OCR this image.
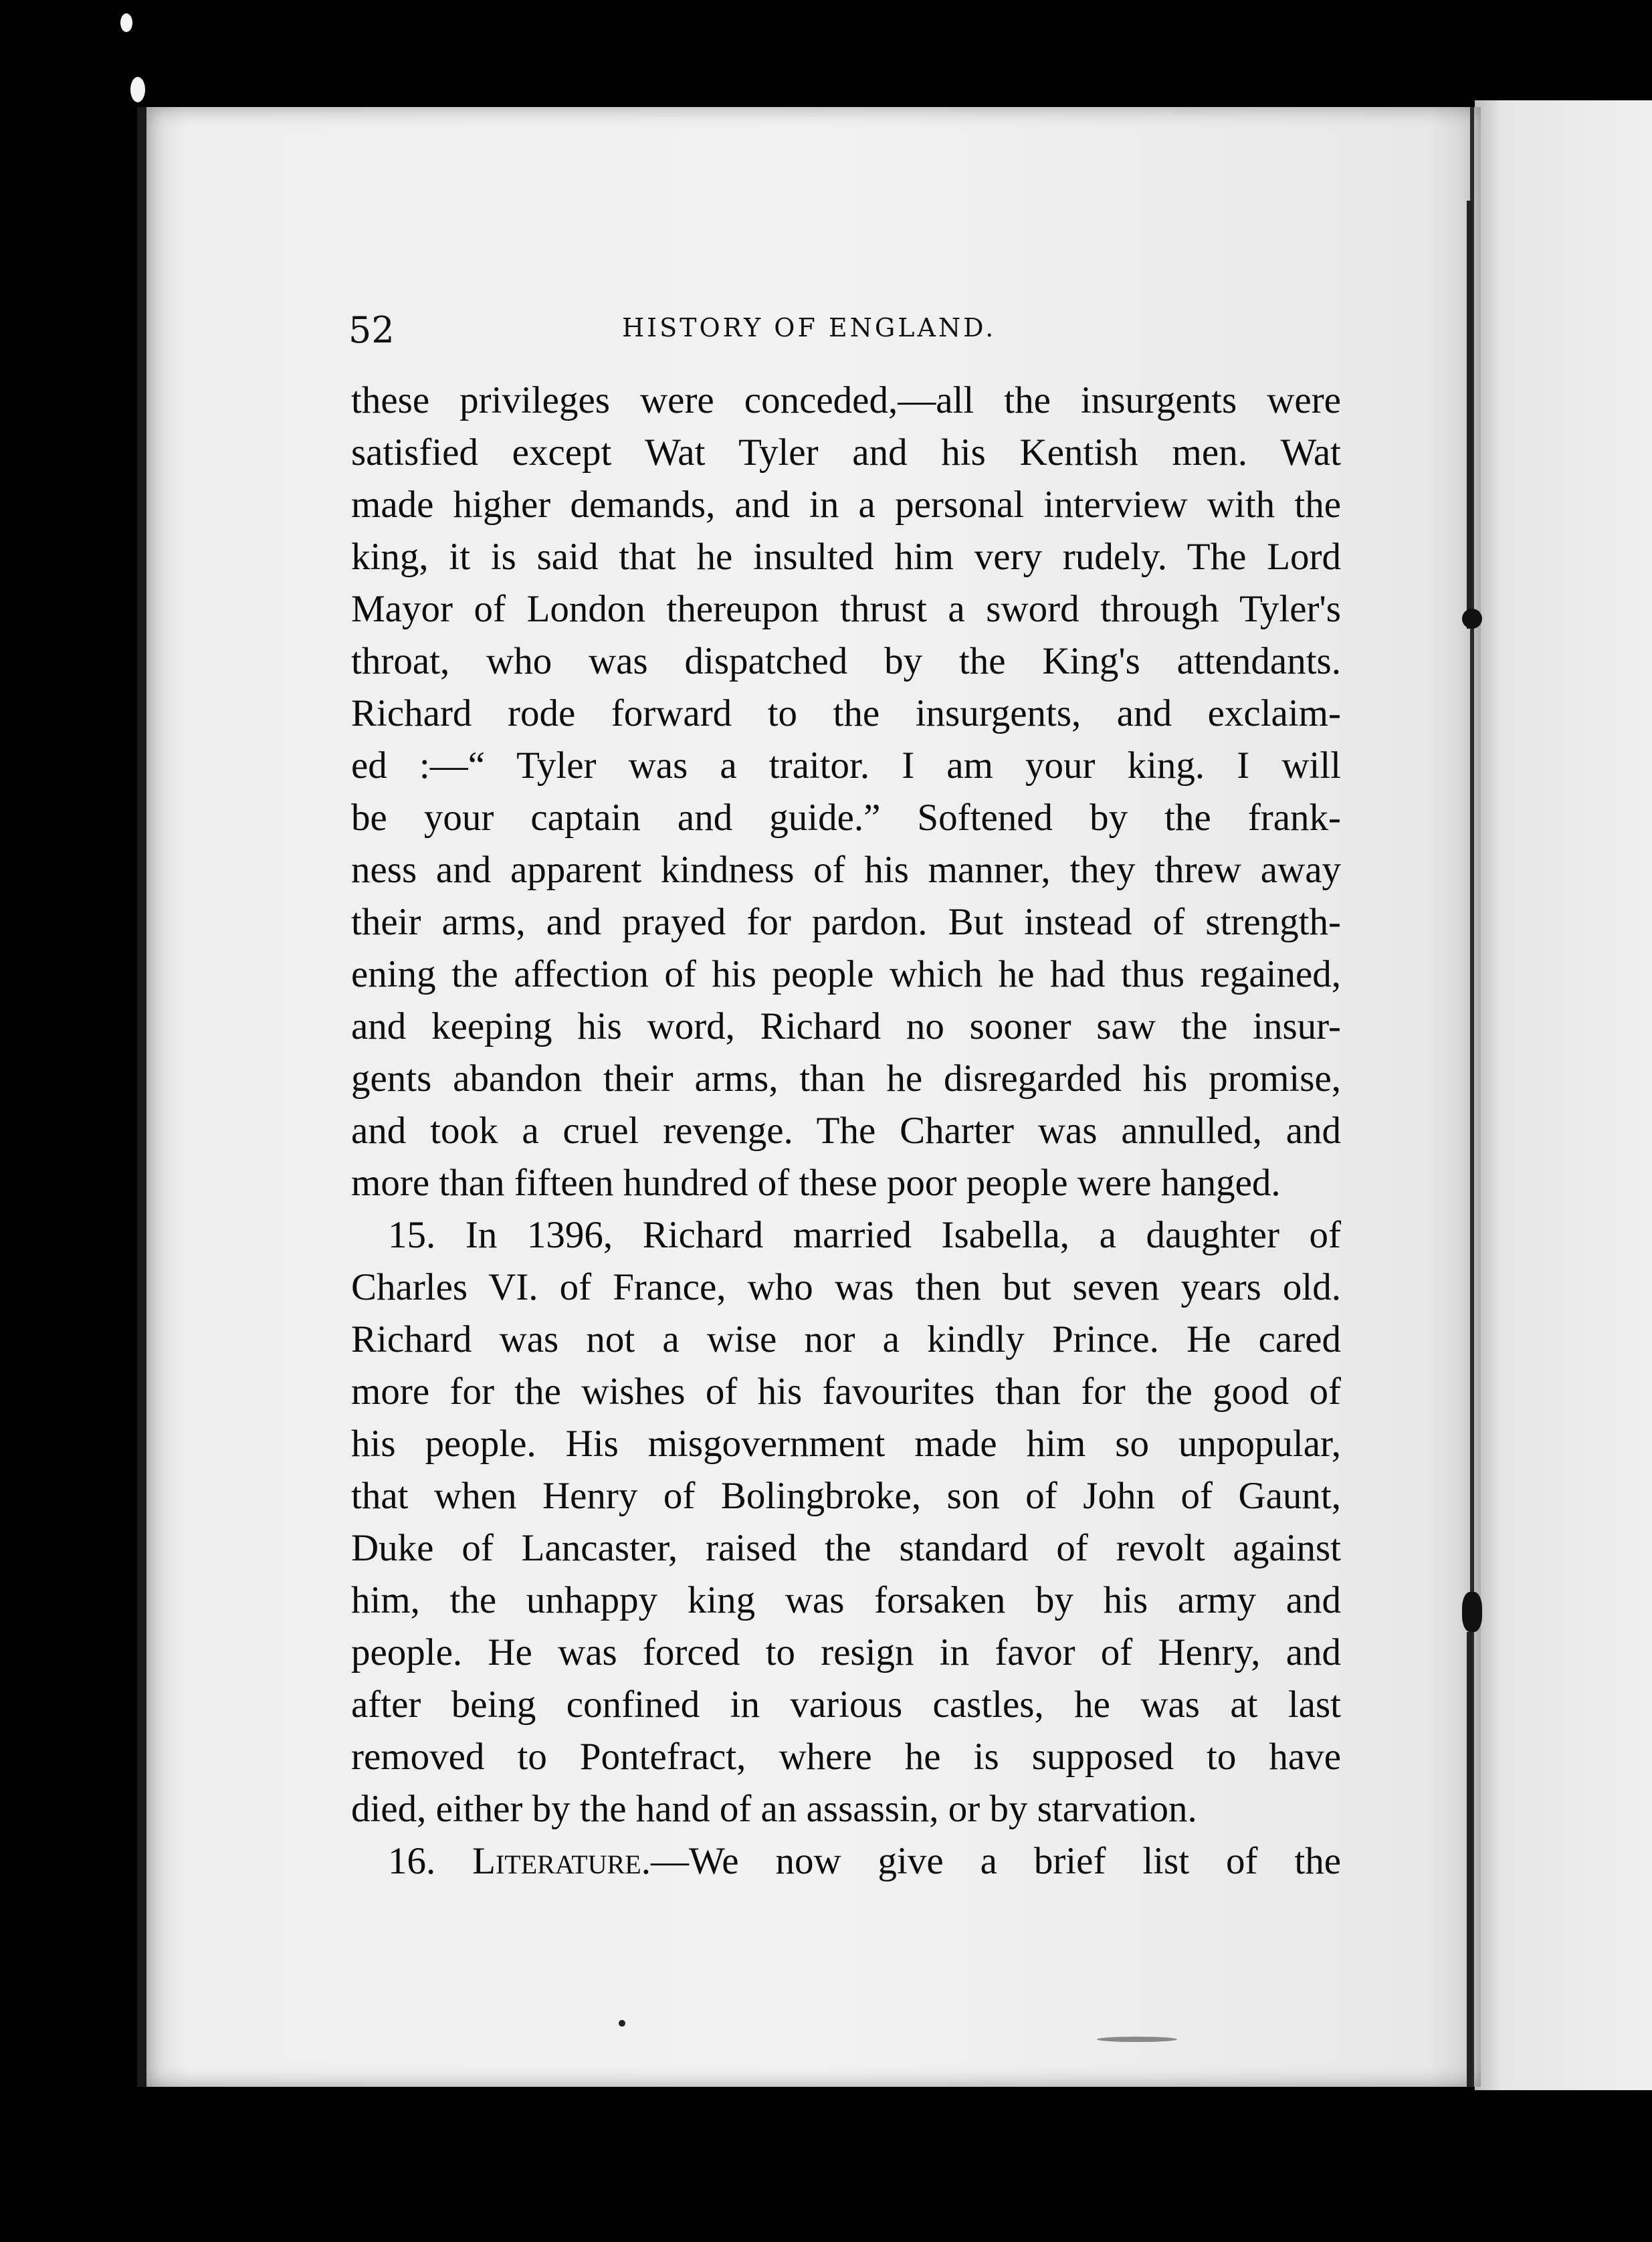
52	HISTORY OF ENGLAND.
these privileges were conceded,—all the insurgents were
satisfied except Wat Tyler and his Kentish men. Wat
made higher demands, and in a personal interview with the
king, it is said that he insulted him very rudely. The Lord
Mayor of London thereupon thrust a sword through Tyler's
throat, who was dispatched by the King's attendants.
Richard rode forward to the insurgents, and exclaim-
ed :—“ Tyler was a traitor. I am your king. I will
be your captain and guide.” Softened by the frank-
ness and apparent kindness of his manner, they threw away
their arms, and prayed for pardon. But instead of strength-
ening the affection of his people which he had thus regained,
and keeping his word, Richard no sooner saw the insur-
gents abandon their arms, than he disregarded his promise,
and took a cruel revenge. The Charter was annulled, and
more than fifteen hundred of these poor people were hanged.
15. In 1396, Richard married Isabella, a daughter of
Charles VI. of France, who was then but seven years old.
Richard was not a wise nor a kindly Prince. He cared
more for the wishes of his favourites than for the good of
his people. His misgovernment made him so unpopular,
that when Henry of Bolingbroke, son of John of Gaunt,
Duke of Lancaster, raised the standard of revolt against
him, the unhappy king was forsaken by his army and
people. He was forced to resign in favor of Henry, and
after being confined in various castles, he was at last
removed to Pontefract, where he is supposed to have
died, either by the hand of an assassin, or by starvation.
16. Literature.—We now give a brief list of the
